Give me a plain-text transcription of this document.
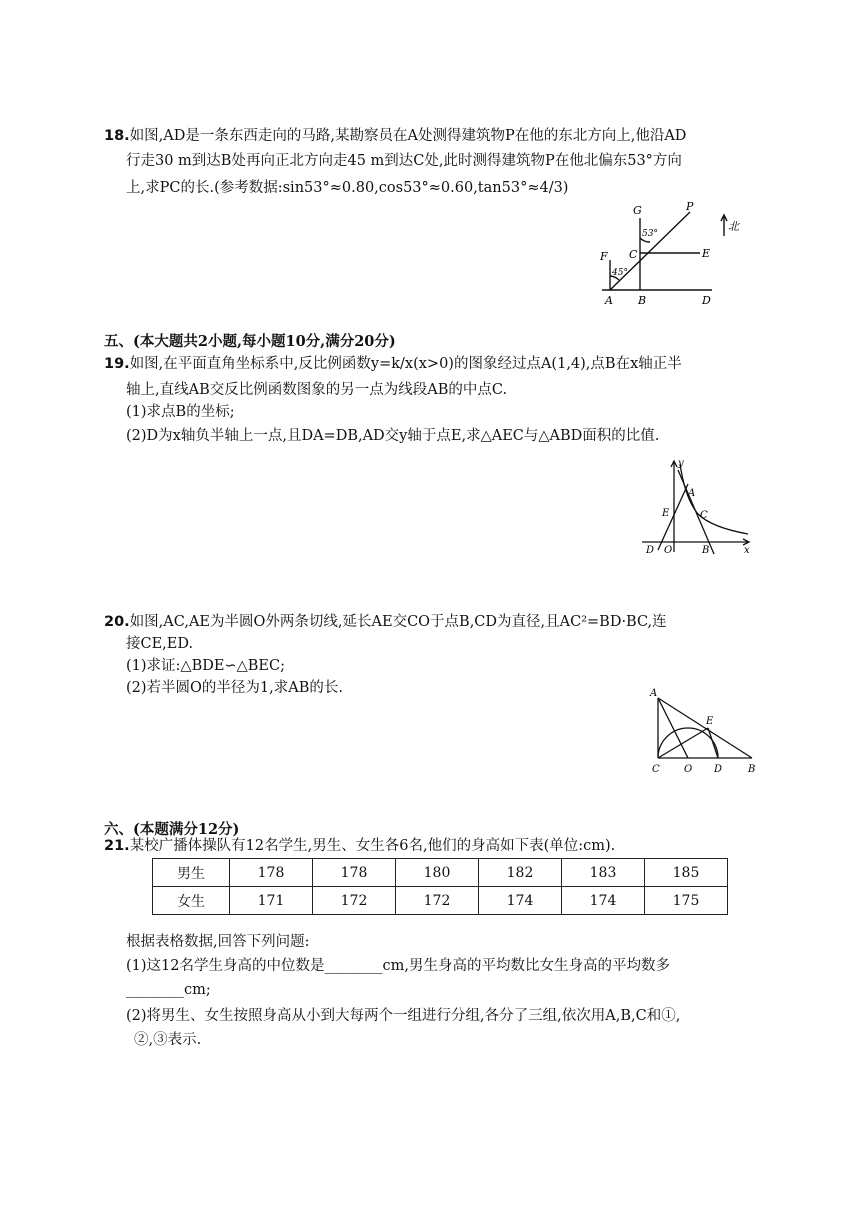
18.如图,AD是一条东西走向的马路,某勘察员在A处测得建筑物P在他的东北方向上,他沿AD
行走30 m到达B处再向正北方向走45 m到达C处,此时测得建筑物P在他北偏东53°方向
上,求PC的长.(参考数据:sin53°≈0.80,cos53°≈0.60,tan53°≈4/3)
G	P
C	E
F
A B	D
53°
45°
北
五、(本大题共2小题,每小题10分,满分20分)
19.如图,在平面直角坐标系中,反比例函数y=k/x(x>0)的图象经过点A(1,4),点B在x轴正半
轴上,直线AB交反比例函数图象的另一点为线段AB的中点C.
(1)求点B的坐标;
(2)D为x轴负半轴上一点,且DA=DB,AD交y轴于点E,求△AEC与△ABD面积的比值.
y
A
E	C
D O	B	x
20.如图,AC,AE为半圆O外两条切线,延长AE交CO于点B,CD为直径,且AC²=BD·BC,连
接CE,ED.
(1)求证:△BDE∽△BEC;
(2)若半圆O的半径为1,求AB的长.	A
E
C O D	B
六、(本题满分12分)
21.某校广播体操队有12名学生,男生、女生各6名,他们的身高如下表(单位:cm).
男生	178	178	180	182	183	185
女生	171	172	172	174	174	175
根据表格数据,回答下列问题:
(1)这12名学生身高的中位数是________cm,男生身高的平均数比女生身高的平均数多
________cm;
(2)将男生、女生按照身高从小到大每两个一组进行分组,各分了三组,依次用A,B,C和①,
②,③表示.
